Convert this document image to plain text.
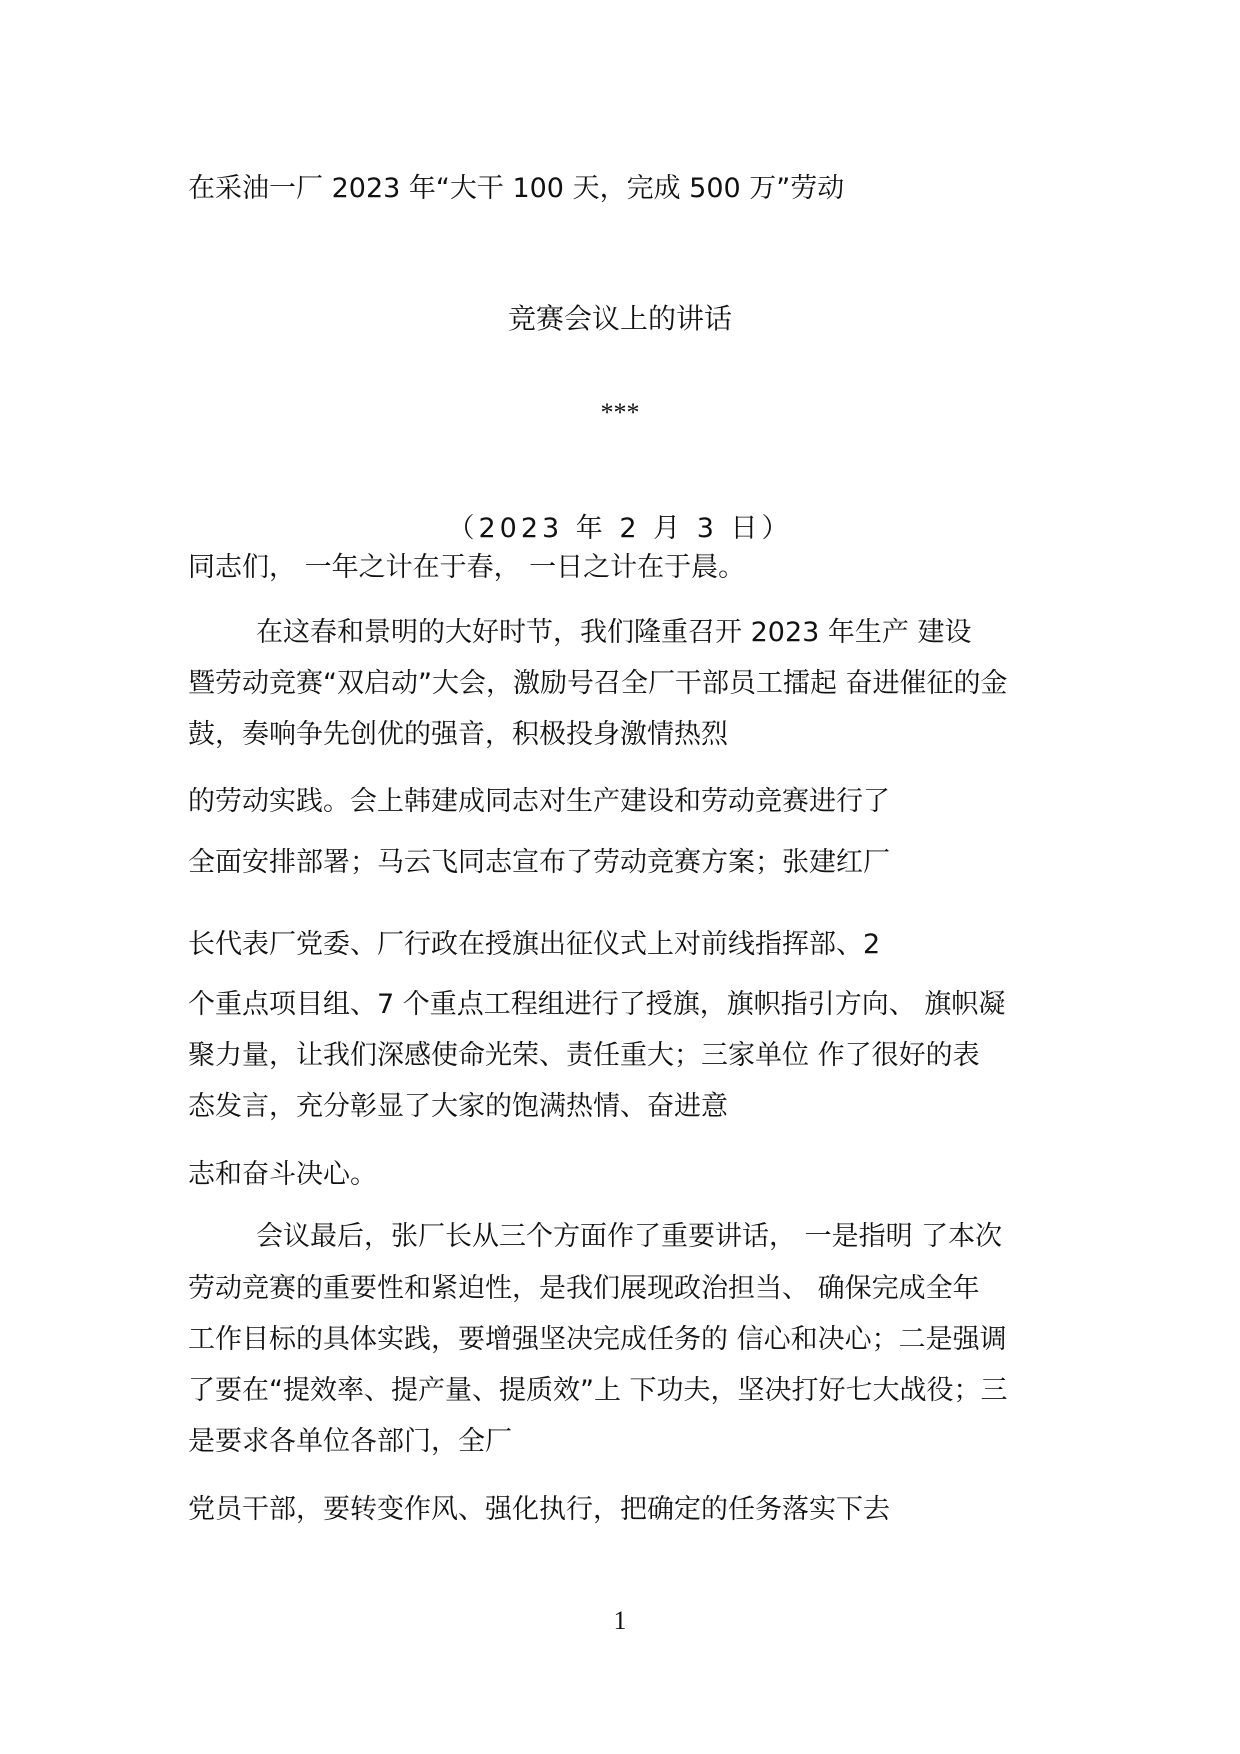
在采油一厂 2023 年“大干 100 天，完成 500 万”劳动
竞赛会议上的讲话
***
（2023 年 2 月 3 日）
同志们， 一年之计在于春， 一日之计在于晨。
在这春和景明的大好时节，我们隆重召开 2023 年生产 建设
暨劳动竞赛“双启动”大会，激励号召全厂干部员工擂起 奋进催征的金
鼓，奏响争先创优的强音，积极投身激情热烈
的劳动实践。会上韩建成同志对生产建设和劳动竞赛进行了
全面安排部署；马云飞同志宣布了劳动竞赛方案；张建红厂
长代表厂党委、厂行政在授旗出征仪式上对前线指挥部、2
个重点项目组、7 个重点工程组进行了授旗，旗帜指引方向、 旗帜凝
聚力量，让我们深感使命光荣、责任重大；三家单位 作了很好的表
态发言，充分彰显了大家的饱满热情、奋进意
志和奋斗决心。
会议最后，张厂长从三个方面作了重要讲话， 一是指明 了本次
劳动竞赛的重要性和紧迫性，是我们展现政治担当、 确保完成全年
工作目标的具体实践，要增强坚决完成任务的 信心和决心；二是强调
了要在“提效率、提产量、提质效”上 下功夫，坚决打好七大战役；三
是要求各单位各部门，全厂
党员干部，要转变作风、强化执行，把确定的任务落实下去
1
